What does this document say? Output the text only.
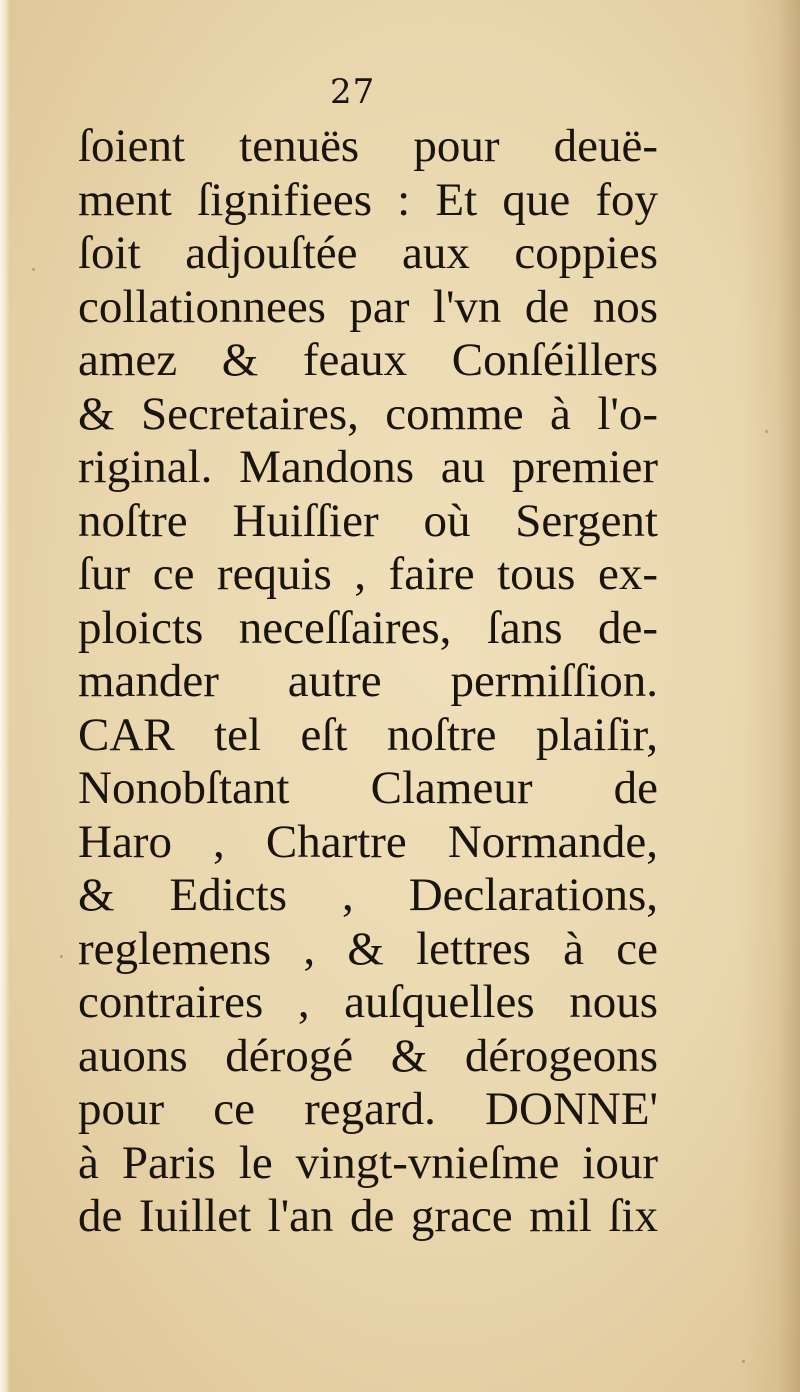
27
ſoient tenuës pour deuë-
ment ſignifiees : Et que foy
ſoit adjouſtée aux coppies
collationnees par l'vn de nos
amez & feaux Conſéillers
& Secretaires, comme à l'o-
riginal. Mandons au premier
noſtre Huiſſier où Sergent
ſur ce requis , faire tous ex-
ploicts neceſſaires, ſans de-
mander autre permiſſion.
CAR tel eſt noſtre plaiſir,
Nonobſtant Clameur de
Haro , Chartre Normande,
& Edicts , Declarations,
reglemens , & lettres à ce
contraires , auſquelles nous
auons dérogé & dérogeons
pour ce regard. DONNE'
à Paris le vingt-vnieſme iour
de Iuillet l'an de grace mil ſix
